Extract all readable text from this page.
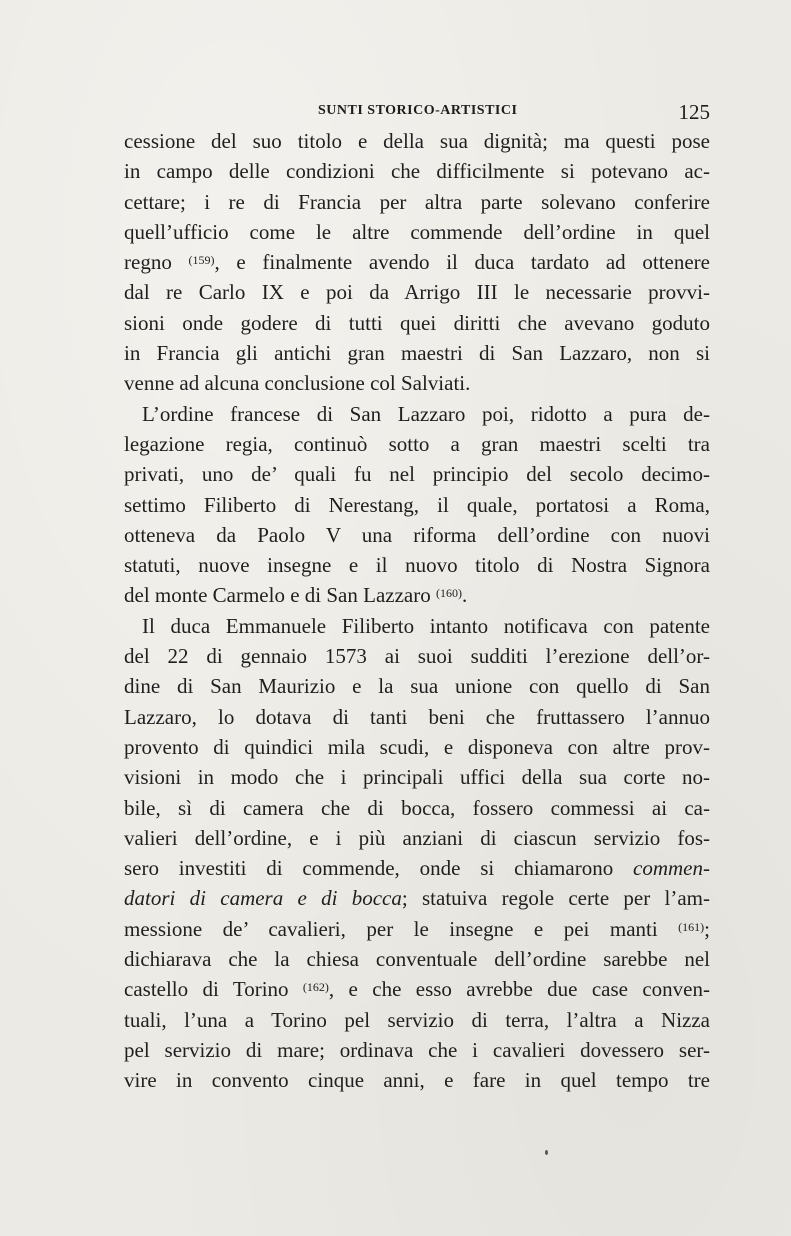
SUNTI STORICO-ARTISTICI	125
cessione del suo titolo e della sua dignità; ma questi pose
in campo delle condizioni che difficilmente si potevano ac-
cettare; i re di Francia per altra parte solevano conferire
quell’ufficio come le altre commende dell’ordine in quel
regno $^{(159)}$, e finalmente avendo il duca tardato ad ottenere
dal re Carlo IX e poi da Arrigo III le necessarie provvi-
sioni onde godere di tutti quei diritti che avevano goduto
in Francia gli antichi gran maestri di San Lazzaro, non si
venne ad alcuna conclusione col Salviati.
L’ordine francese di San Lazzaro poi, ridotto a pura de-
legazione regia, continuò sotto a gran maestri scelti tra
privati, uno de’ quali fu nel principio del secolo decimo-
settimo Filiberto di Nerestang, il quale, portatosi a Roma,
otteneva da Paolo V una riforma dell’ordine con nuovi
statuti, nuove insegne e il nuovo titolo di Nostra Signora
del monte Carmelo e di San Lazzaro $^{(160)}$.
Il duca Emmanuele Filiberto intanto notificava con patente
del 22 di gennaio 1573 ai suoi sudditi l’erezione dell’or-
dine di San Maurizio e la sua unione con quello di San
Lazzaro, lo dotava di tanti beni che fruttassero l’annuo
provento di quindici mila scudi, e disponeva con altre prov-
visioni in modo che i principali uffici della sua corte no-
bile, sì di camera che di bocca, fossero commessi ai ca-
valieri dell’ordine, e i più anziani di ciascun servizio fos-
sero investiti di commende, onde si chiamarono commen-
datori di camera e di bocca; statuiva regole certe per l’am-
messione de’ cavalieri, per le insegne e pei manti $^{(161)}$;
dichiarava che la chiesa conventuale dell’ordine sarebbe nel
castello di Torino $^{(162)}$, e che esso avrebbe due case conven-
tuali, l’una a Torino pel servizio di terra, l’altra a Nizza
pel servizio di mare; ordinava che i cavalieri dovessero ser-
vire in convento cinque anni, e fare in quel tempo tre
